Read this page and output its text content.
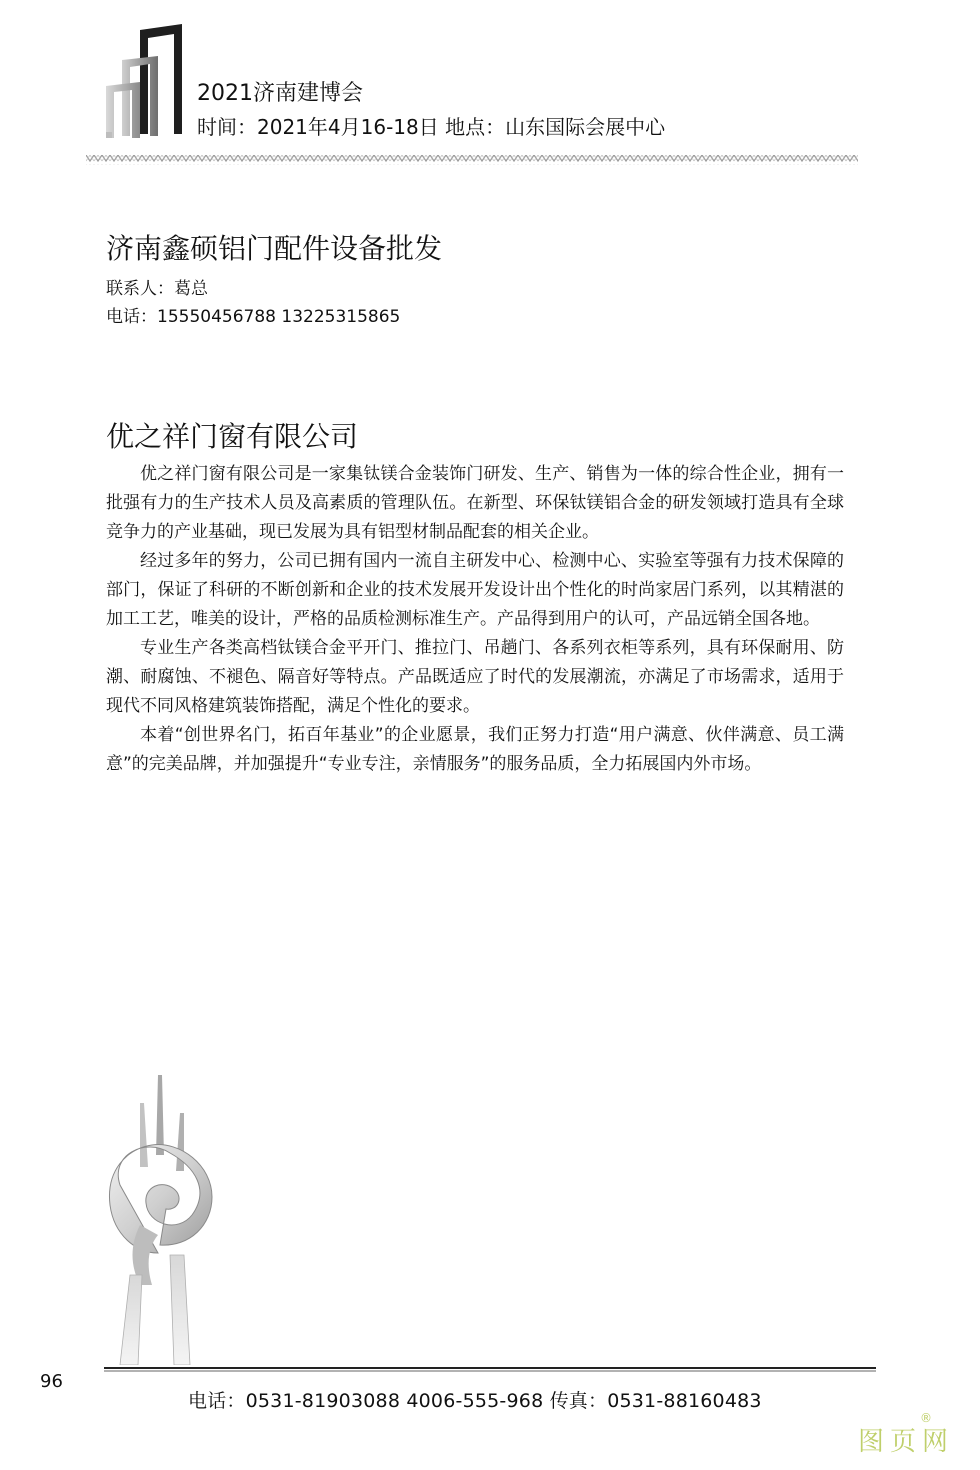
2021济南建博会
时间：2021年4月16-18日 地点：山东国际会展中心
济南鑫硕铝门配件设备批发
联系人：葛总
电话：15550456788 13225315865
优之祥门窗有限公司

优之祥门窗有限公司是一家集钛镁合金装饰门研发、生产、销售为一体的综合性企业，拥有一批强有力的生产技术人员及高素质的管理队伍。在新型、环保钛镁铝合金的研发领域打造具有全球竞争力的产业基础，现已发展为具有铝型材制品配套的相关企业。

经过多年的努力，公司已拥有国内一流自主研发中心、检测中心、实验室等强有力技术保障的部门，保证了科研的不断创新和企业的技术发展开发设计出个性化的时尚家居门系列，以其精湛的加工工艺，唯美的设计，严格的品质检测标准生产。产品得到用户的认可，产品远销全国各地。

专业生产各类高档钛镁合金平开门、推拉门、吊趟门、各系列衣柜等系列，具有环保耐用、防潮、耐腐蚀、不褪色、隔音好等特点。产品既适应了时代的发展潮流，亦满足了市场需求，适用于现代不同风格建筑装饰搭配，满足个性化的要求。

本着“创世界名门，拓百年基业”的企业愿景，我们正努力打造“用户满意、伙伴满意、员工满意”的完美品牌，并加强提升“专业专注，亲情服务”的服务品质，全力拓展国内外市场。

96
电话：0531-81903088 4006-555-968 传真：0531-88160483
图页网
®
